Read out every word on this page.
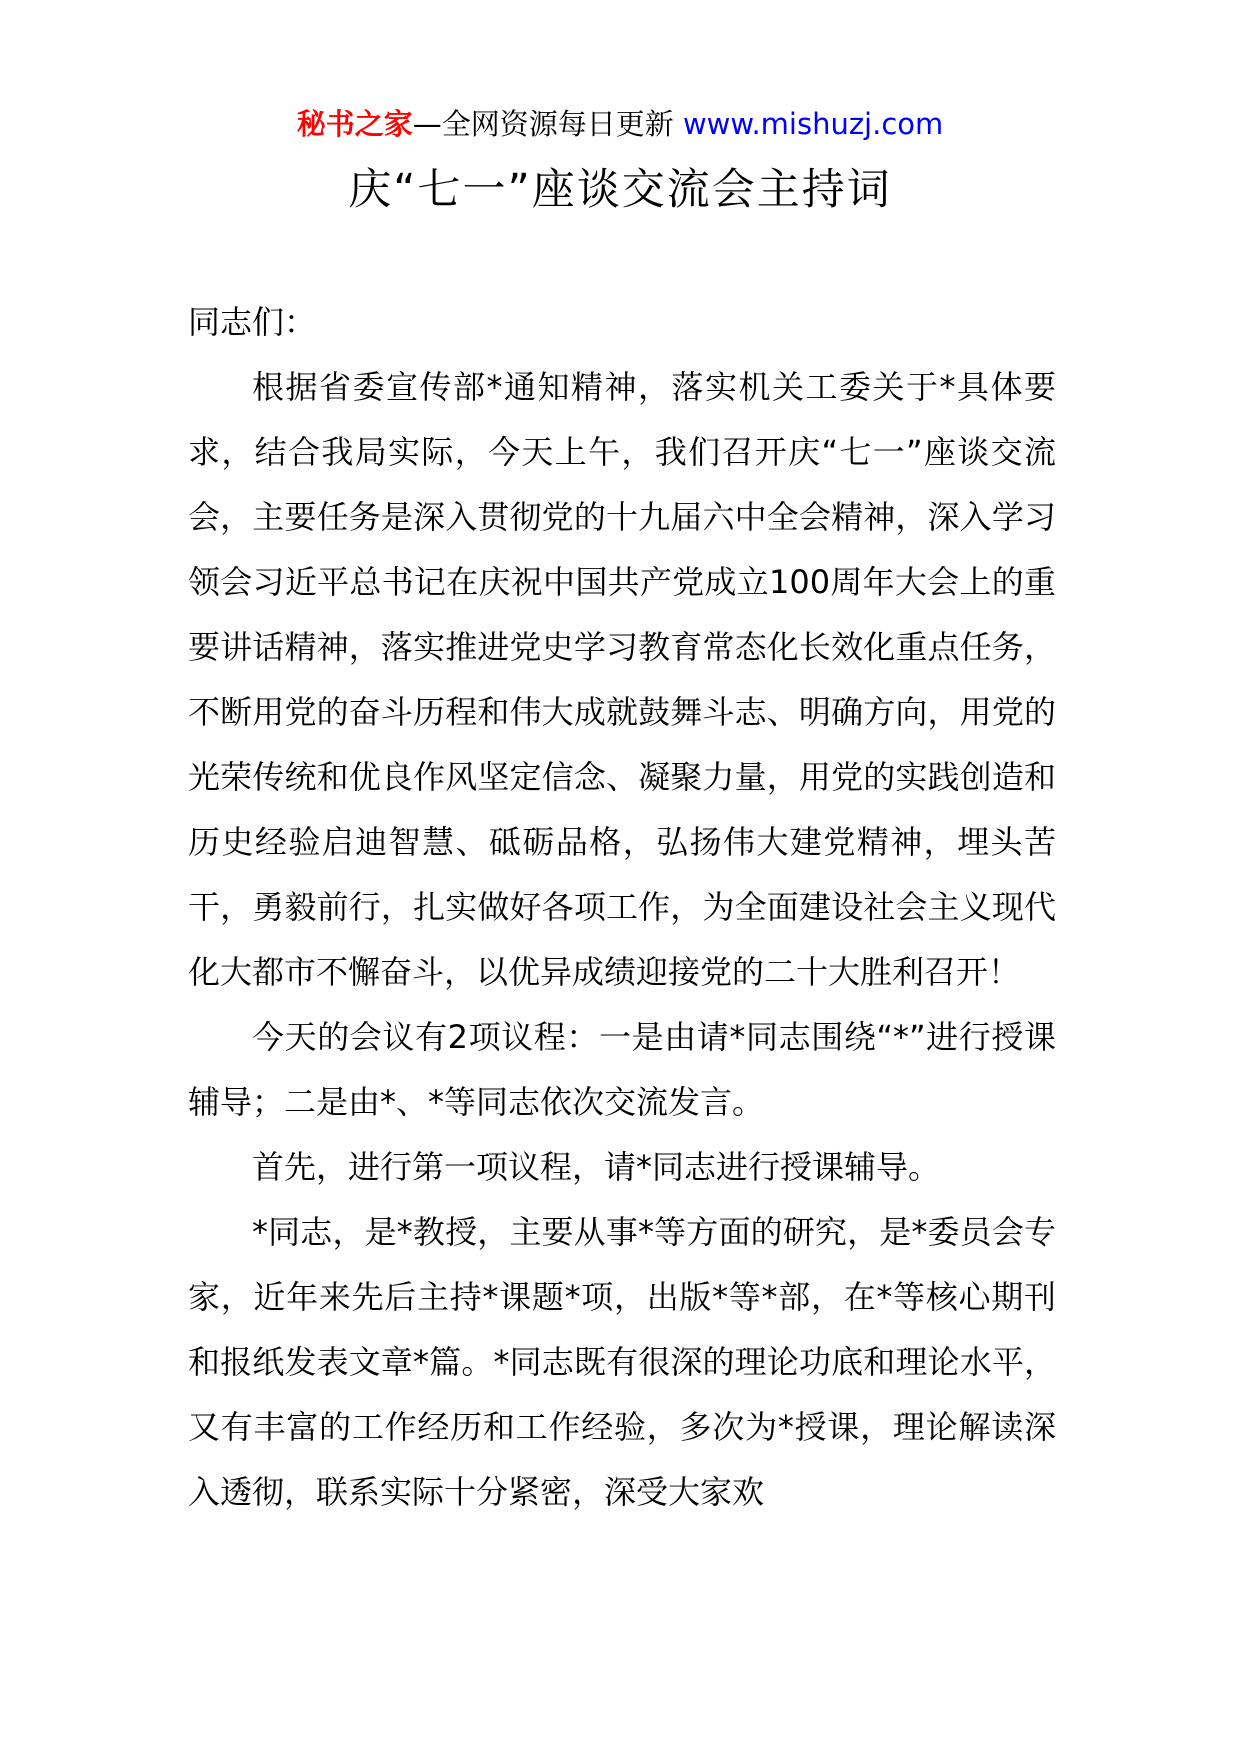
秘书之家—全网资源每日更新 www.mishuzj.com
庆“七一”座谈交流会主持词

同志们：

根据省委宣传部*通知精神，落实机关工委关于*具体要求，结合我局实际，今天上午，我们召开庆“七一”座谈交流会，主要任务是深入贯彻党的十九届六中全会精神，深入学习领会习近平总书记在庆祝中国共产党成立100周年大会上的重要讲话精神，落实推进党史学习教育常态化长效化重点任务，不断用党的奋斗历程和伟大成就鼓舞斗志、明确方向，用党的光荣传统和优良作风坚定信念、凝聚力量，用党的实践创造和历史经验启迪智慧、砥砺品格，弘扬伟大建党精神，埋头苦干，勇毅前行，扎实做好各项工作，为全面建设社会主义现代化大都市不懈奋斗，以优异成绩迎接党的二十大胜利召开！

今天的会议有2项议程：一是由请*同志围绕“*”进行授课辅导；二是由*、*等同志依次交流发言。

首先，进行第一项议程，请*同志进行授课辅导。

*同志，是*教授，主要从事*等方面的研究，是*委员会专家，近年来先后主持*课题*项，出版*等*部，在*等核心期刊和报纸发表文章*篇。*同志既有很深的理论功底和理论水平，又有丰富的工作经历和工作经验，多次为*授课，理论解读深入透彻，联系实际十分紧密，深受大家欢
